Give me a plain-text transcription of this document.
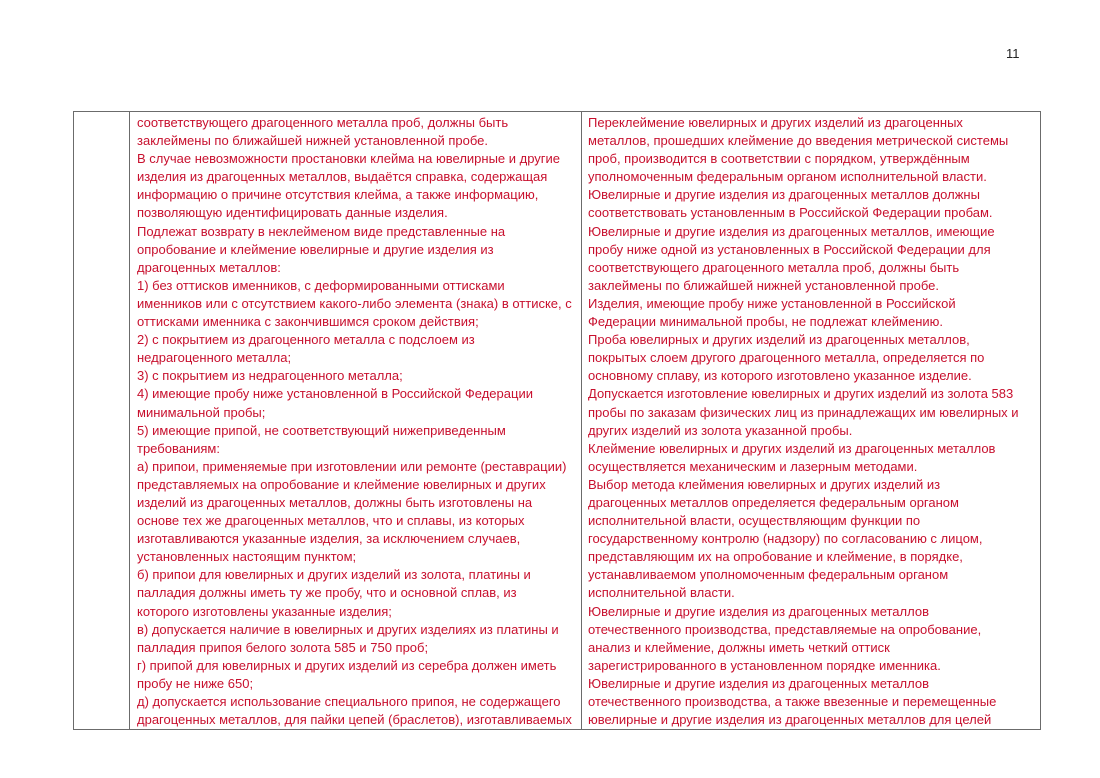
11

соответствующего драгоценного металла проб, должны быть
заклеймены по ближайшей нижней установленной пробе.
В случае невозможности простановки клейма на ювелирные и другие
изделия из драгоценных металлов, выдаётся справка, содержащая
информацию о причине отсутствия клейма, а также информацию,
позволяющую идентифицировать данные изделия.
Подлежат возврату в неклейменом виде представленные на
опробование и клеймение ювелирные и другие изделия из
драгоценных металлов:
1) без оттисков именников, с деформированными оттисками
именников или с отсутствием какого-либо элемента (знака) в оттиске, с
оттисками именника с закончившимся сроком действия;
2) с покрытием из драгоценного металла с подслоем из
недрагоценного металла;
3) с покрытием из недрагоценного металла;
4) имеющие пробу ниже установленной в Российской Федерации
минимальной пробы;
5) имеющие припой, не соответствующий нижеприведенным
требованиям:
а) припои, применяемые при изготовлении или ремонте (реставрации)
представляемых на опробование и клеймение ювелирных и других
изделий из драгоценных металлов, должны быть изготовлены на
основе тех же драгоценных металлов, что и сплавы, из которых
изготавливаются указанные изделия, за исключением случаев,
установленных настоящим пунктом;
б) припои для ювелирных и других изделий из золота, платины и
палладия должны иметь ту же пробу, что и основной сплав, из
которого изготовлены указанные изделия;
в) допускается наличие в ювелирных и других изделиях из платины и
палладия припоя белого золота 585 и 750 проб;
г) припой для ювелирных и других изделий из серебра должен иметь
пробу не ниже 650;
д) допускается использование специального припоя, не содержащего
драгоценных металлов, для пайки цепей (браслетов), изготавливаемых

Переклеймение ювелирных и других изделий из драгоценных
металлов, прошедших клеймение до введения метрической системы
проб, производится в соответствии с порядком, утверждённым
уполномоченным федеральным органом исполнительной власти.
Ювелирные и другие изделия из драгоценных металлов должны
соответствовать установленным в Российской Федерации пробам.
Ювелирные и другие изделия из драгоценных металлов, имеющие
пробу ниже одной из установленных в Российской Федерации для
соответствующего драгоценного металла проб, должны быть
заклеймены по ближайшей нижней установленной пробе.
Изделия, имеющие пробу ниже установленной в Российской
Федерации минимальной пробы, не подлежат клеймению.
Проба ювелирных и других изделий из драгоценных металлов,
покрытых слоем другого драгоценного металла, определяется по
основному сплаву, из которого изготовлено указанное изделие.
Допускается изготовление ювелирных и других изделий из золота 583
пробы по заказам физических лиц из принадлежащих им ювелирных и
других изделий из золота указанной пробы.
Клеймение ювелирных и других изделий из драгоценных металлов
осуществляется механическим и лазерным методами.
Выбор метода клеймения ювелирных и других изделий из
драгоценных металлов определяется федеральным органом
исполнительной власти, осуществляющим функции по
государственному контролю (надзору) по согласованию с лицом,
представляющим их на опробование и клеймение, в порядке,
устанавливаемом уполномоченным федеральным органом
исполнительной власти.
Ювелирные и другие изделия из драгоценных металлов
отечественного производства, представляемые на опробование,
анализ и клеймение, должны иметь четкий оттиск
зарегистрированного в установленном порядке именника.
Ювелирные и другие изделия из драгоценных металлов
отечественного производства, а также ввезенные и перемещенные
ювелирные и другие изделия из драгоценных металлов для целей
